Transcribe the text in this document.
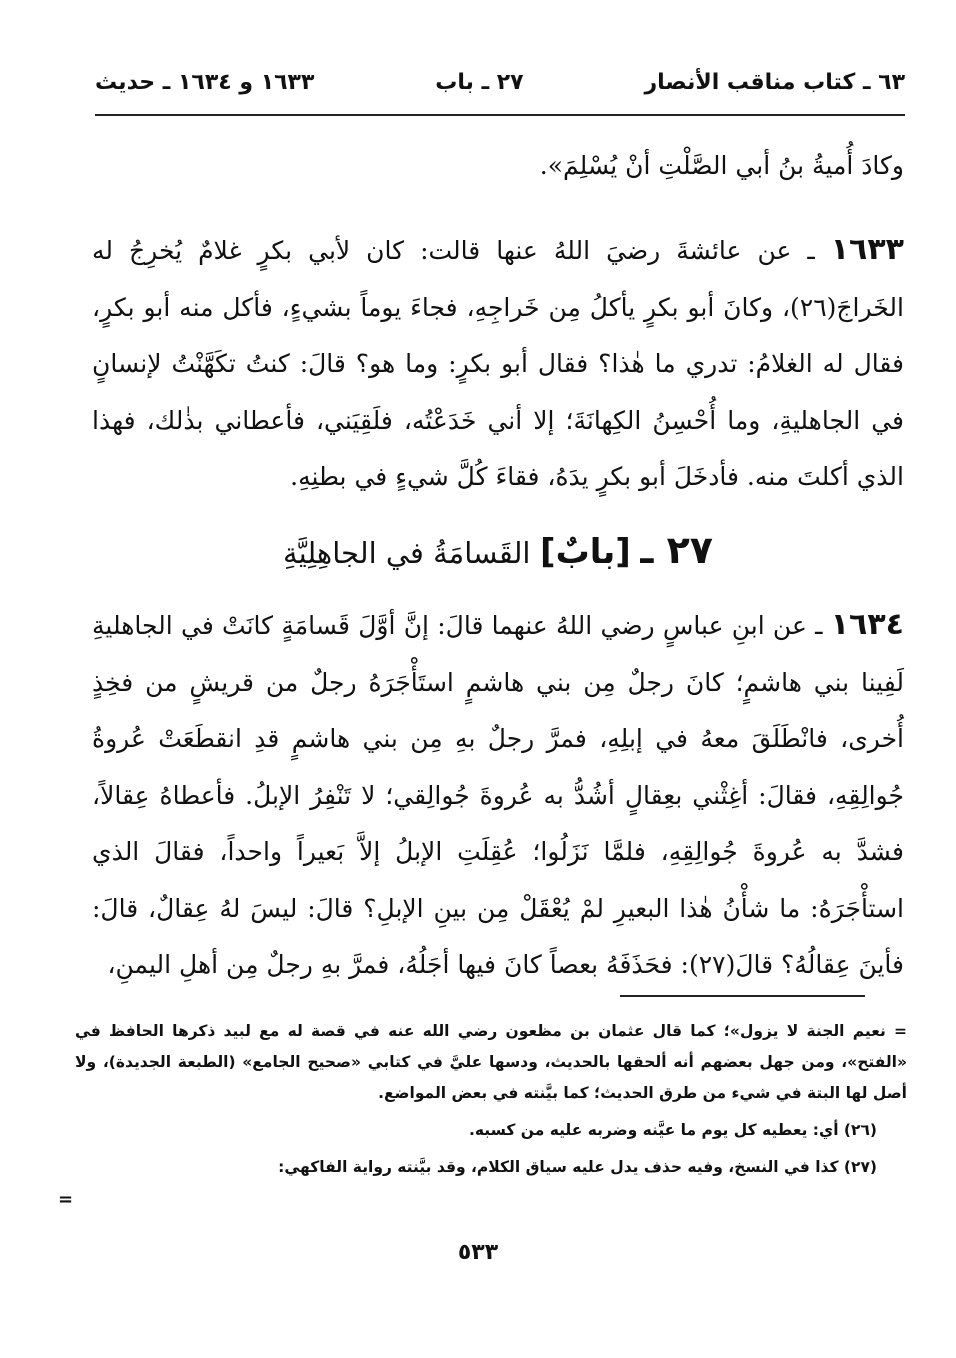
٦٣ ـ كتاب مناقب الأنصار
٢٧ ـ باب
١٦٣٣ و ١٦٣٤ ـ حديث
وكادَ أُميةُ بنُ أبي الصَّلْتِ أنْ يُسْلِمَ».
١٦٣٣ ـ عن عائشةَ رضيَ اللهُ عنها قالت: كان لأبي بكرٍ غلامٌ يُخرِجُ له الخَراجَ(٢٦)، وكانَ أبو بكرٍ يأكلُ مِن خَراجِهِ، فجاءَ يوماً بشيءٍ، فأكل منه أبو بكرٍ، فقال له الغلامُ: تدري ما هٰذا؟ فقال أبو بكرٍ: وما هو؟ قالَ: كنتُ تكَهَّنْتُ لإنسانٍ في الجاهليةِ، وما أُحْسِنُ الكِهانَةَ؛ إلا أني خَدَعْتُه، فلَقِيَني، فأعطاني بذٰلك، فهذا الذي أكلتَ منه. فأدخَلَ أبو بكرٍ يدَهُ، فقاءَ كُلَّ شيءٍ في بطنِهِ.
٢٧ ـ [بابٌ] القَسامَةُ في الجاهِلِيَّةِ
١٦٣٤ ـ عن ابنِ عباسٍ رضي اللهُ عنهما قالَ: إنَّ أوَّلَ قَسامَةٍ كانَتْ في الجاهليةِ لَفِينا بني هاشمٍ؛ كانَ رجلٌ مِن بني هاشمٍ استَأْجَرَهُ رجلٌ من قريشٍ من فخِذٍ أُخرى، فانْطَلَقَ معهُ في إبلِهِ، فمرَّ رجلٌ بهِ مِن بني هاشمٍ قدِ انقطَعَتْ عُروةُ جُوالِقِهِ، فقالَ: أغِثْني بعِقالٍ أشُدُّ به عُروةَ جُوالِقي؛ لا تَنْفِرُ الإبلُ. فأعطاهُ عِقالاً، فشدَّ به عُروةَ جُوالِقِهِ، فلمَّا نَزَلُوا؛ عُقِلَتِ الإبلُ إلاَّ بَعيراً واحداً، فقالَ الذي استأْجَرَهُ: ما شأْنُ هٰذا البعيرِ لمْ يُعْقَلْ مِن بينِ الإبلِ؟ قالَ: ليسَ لهُ عِقالٌ، قالَ: فأينَ عِقالُهُ؟ قالَ(٢٧): فحَذَفَهُ بعصاً كانَ فيها أجَلُهُ، فمرَّ بهِ رجلٌ مِن أهلِ اليمنِ،

= نعيم الجنة لا يزول»؛ كما قال عثمان بن مظعون رضي الله عنه في قصة له مع لبيد ذكرها الحافظ في «الفتح»، ومن جهل بعضهم أنه ألحقها بالحديث، ودسها عليَّ في كتابي «صحيح الجامع» (الطبعة الجديدة)، ولا أصل لها البتة في شيء من طرق الحديث؛ كما بيَّنته في بعض المواضع.

(٢٦) أي: يعطيه كل يوم ما عيَّنه وضربه عليه من كسبه.

(٢٧) كذا في النسخ، وفيه حذف يدل عليه سياق الكلام، وقد بيَّنته رواية الفاكهي:

=
٥٣٣
